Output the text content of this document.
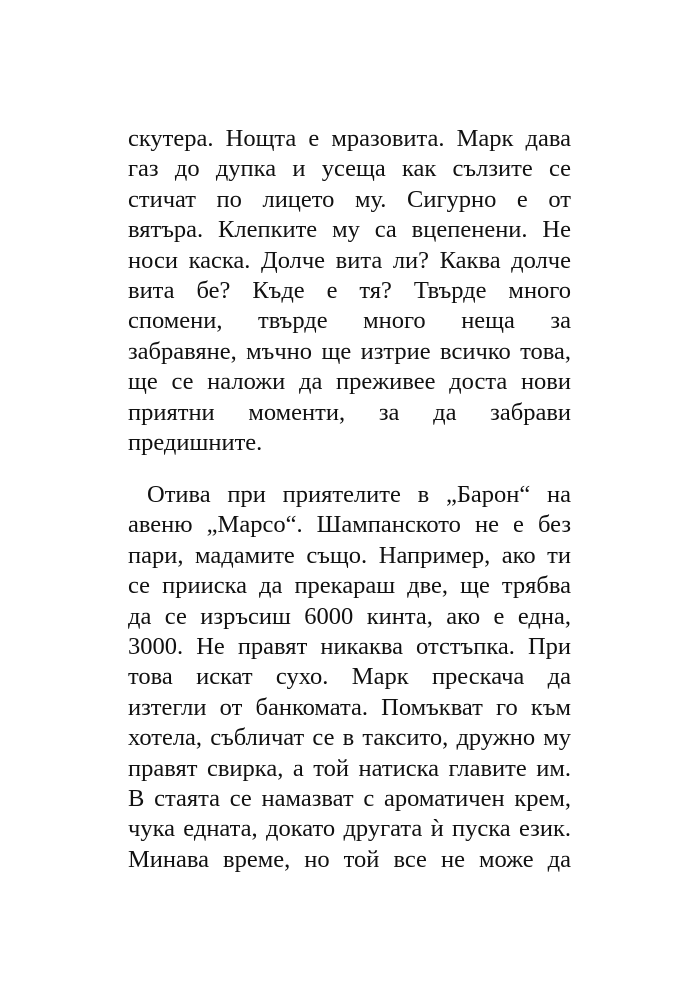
скутера. Нощта е мразовита. Марк дава
газ до дупка и усеща как сълзите се
стичат по лицето му. Сигурно е от
вятъра. Клепките му са вцепенени. Не
носи каска. Долче вита ли? Каква долче
вита бе? Къде е тя? Твърде много
спомени, твърде много неща за
забравяне, мъчно ще изтрие всичко това,
ще се наложи да преживее доста нови
приятни моменти, за да забрави
предишните.
Отива при приятелите в „Барон“ на
авеню „Марсо“. Шампанското не е без
пари, мадамите също. Например, ако ти
се прииска да прекараш две, ще трябва
да се изръсиш 6000 кинта, ако е една,
3000. Не правят никаква отстъпка. При
това искат сухо. Марк прескача да
изтегли от банкомата. Помъкват го към
хотела, събличат се в таксито, дружно му
правят свирка, а той натиска главите им.
В стаята се намазват с ароматичен крем,
чука едната, докато другата ѝ пуска език.
Минава време, но той все не може да
